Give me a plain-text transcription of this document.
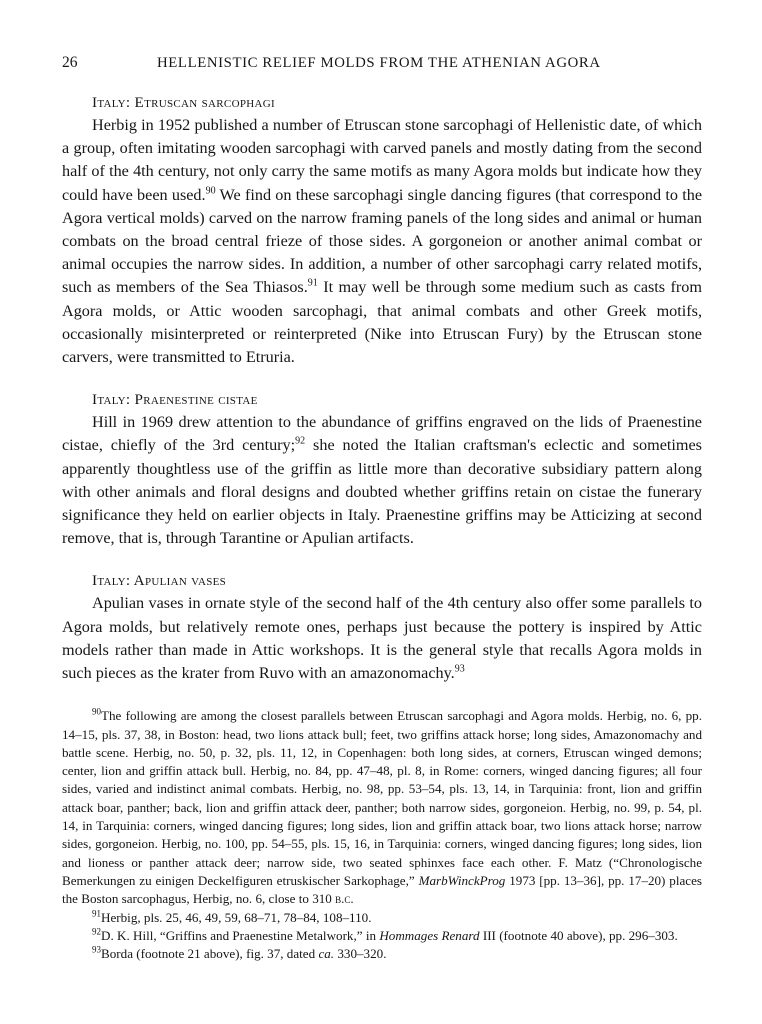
26	HELLENISTIC RELIEF MOLDS FROM THE ATHENIAN AGORA
Italy: Etruscan sarcophagi

Herbig in 1952 published a number of Etruscan stone sarcophagi of Hellenistic date, of which a group, often imitating wooden sarcophagi with carved panels and mostly dating from the second half of the 4th century, not only carry the same motifs as many Agora molds but indicate how they could have been used.$^{90}$ We find on these sarcophagi single dancing figures (that correspond to the Agora vertical molds) carved on the narrow framing panels of the long sides and animal or human combats on the broad central frieze of those sides. A gorgoneion or another animal combat or animal occupies the narrow sides. In addition, a number of other sarcophagi carry related motifs, such as members of the Sea Thiasos.$^{91}$ It may well be through some medium such as casts from Agora molds, or Attic wooden sarcophagi, that animal combats and other Greek motifs, occasionally misinterpreted or reinterpreted (Nike into Etruscan Fury) by the Etruscan stone carvers, were transmitted to Etruria.

Italy: Praenestine cistae

Hill in 1969 drew attention to the abundance of griffins engraved on the lids of Praenestine cistae, chiefly of the 3rd century;$^{92}$ she noted the Italian craftsman's eclectic and sometimes apparently thoughtless use of the griffin as little more than decorative subsidiary pattern along with other animals and floral designs and doubted whether griffins retain on cistae the funerary significance they held on earlier objects in Italy. Praenestine griffins may be Atticizing at second remove, that is, through Tarantine or Apulian artifacts.

Italy: Apulian vases

Apulian vases in ornate style of the second half of the 4th century also offer some parallels to Agora molds, but relatively remote ones, perhaps just because the pottery is inspired by Attic models rather than made in Attic workshops. It is the general style that recalls Agora molds in such pieces as the krater from Ruvo with an amazonomachy.$^{93}$

$^{90}$The following are among the closest parallels between Etruscan sarcophagi and Agora molds. Herbig, no. 6, pp. 14–15, pls. 37, 38, in Boston: head, two lions attack bull; feet, two griffins attack horse; long sides, Amazonomachy and battle scene. Herbig, no. 50, p. 32, pls. 11, 12, in Copenhagen: both long sides, at corners, Etruscan winged demons; center, lion and griffin attack bull. Herbig, no. 84, pp. 47–48, pl. 8, in Rome: corners, winged dancing figures; all four sides, varied and indistinct animal combats. Herbig, no. 98, pp. 53–54, pls. 13, 14, in Tarquinia: front, lion and griffin attack boar, panther; back, lion and griffin attack deer, panther; both narrow sides, gorgoneion. Herbig, no. 99, p. 54, pl. 14, in Tarquinia: corners, winged dancing figures; long sides, lion and griffin attack boar, two lions attack horse; narrow sides, gorgoneion. Herbig, no. 100, pp. 54–55, pls. 15, 16, in Tarquinia: corners, winged dancing figures; long sides, lion and lioness or panther attack deer; narrow side, two seated sphinxes face each other. F. Matz (“Chronologische Bemerkungen zu einigen Deckelfiguren etruskischer Sarkophage,” MarbWinckProg 1973 [pp. 13–36], pp. 17–20) places the Boston sarcophagus, Herbig, no. 6, close to 310 b.c.

$^{91}$Herbig, pls. 25, 46, 49, 59, 68–71, 78–84, 108–110.

$^{92}$D. K. Hill, “Griffins and Praenestine Metalwork,” in Hommages Renard III (footnote 40 above), pp. 296–303.

$^{93}$Borda (footnote 21 above), fig. 37, dated ca. 330–320.
